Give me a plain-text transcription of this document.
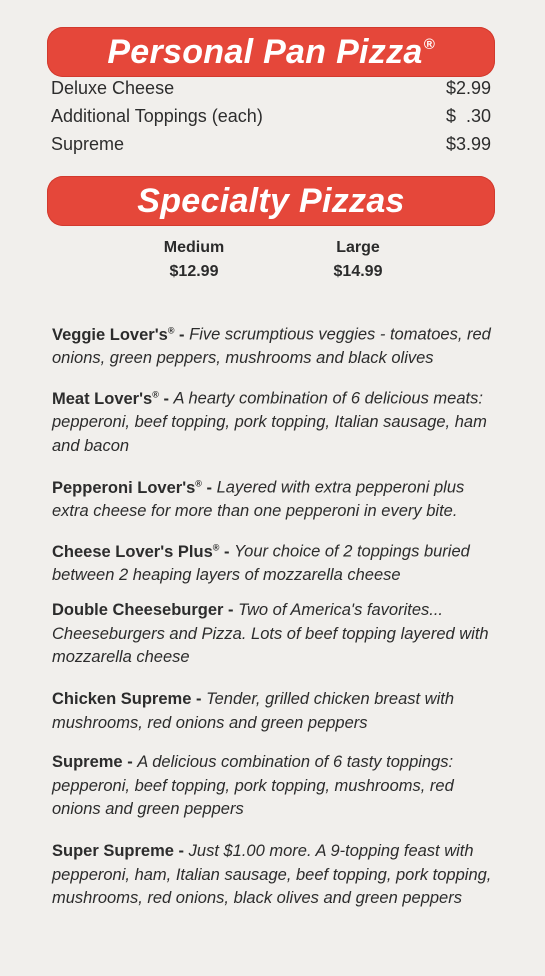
Personal Pan Pizza®
Deluxe Cheese	$2.99
Additional Toppings (each)	$  .30
Supreme	$3.99
Specialty Pizzas
Medium
$12.99
Large
$14.99
Veggie Lover's® - Five scrumptious veggies - tomatoes, red onions, green peppers, mushrooms and black olives
Meat Lover's® - A hearty combination of 6 delicious meats: pepperoni, beef topping, pork topping, Italian sausage, ham and bacon
Pepperoni Lover's® - Layered with extra pepperoni plus extra cheese for more than one pepperoni in every bite.
Cheese Lover's Plus® - Your choice of 2 toppings buried between 2 heaping layers of mozzarella cheese
Double Cheeseburger - Two of America's favorites... Cheeseburgers and Pizza. Lots of beef topping layered with mozzarella cheese
Chicken Supreme - Tender, grilled chicken breast with mushrooms, red onions and green peppers
Supreme - A delicious combination of 6 tasty toppings: pepperoni, beef topping, pork topping, mushrooms, red onions and green peppers
Super Supreme - Just $1.00 more. A 9-topping feast with pepperoni, ham, Italian sausage, beef topping, pork topping, mushrooms, red onions, black olives and green peppers
